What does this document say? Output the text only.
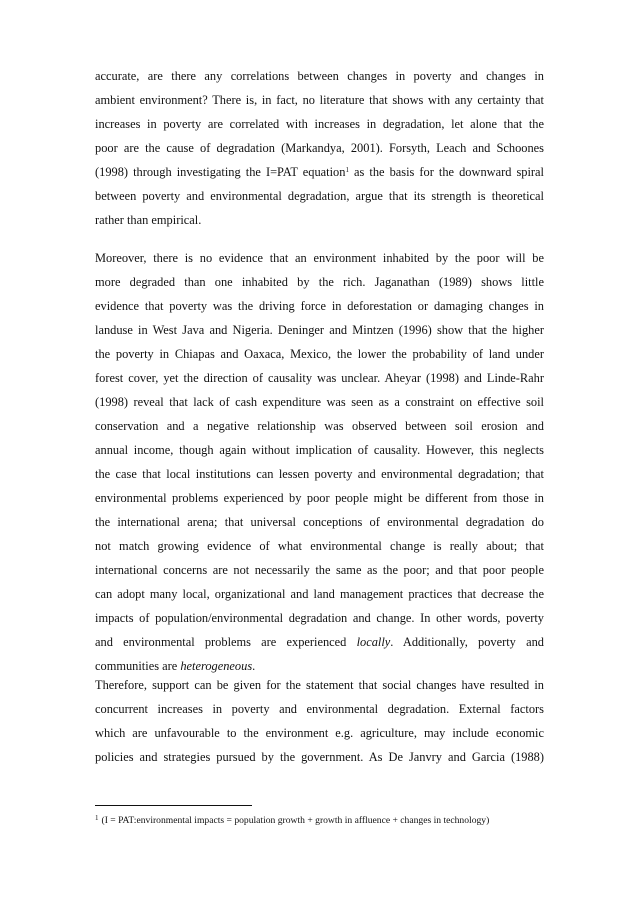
accurate, are there any correlations between changes in poverty and changes in
ambient environment? There is, in fact, no literature that shows with any certainty that
increases in poverty are correlated with increases in degradation, let alone that the
poor are the cause of degradation (Markandya, 2001). Forsyth, Leach and Schoones
(1998) through investigating the I=PAT equation$^1$ as the basis for the downward spiral
between poverty and environmental degradation, argue that its strength is theoretical
rather than empirical.
Moreover, there is no evidence that an environment inhabited by the poor will be
more degraded than one inhabited by the rich. Jaganathan (1989) shows little
evidence that poverty was the driving force in deforestation or damaging changes in
landuse in West Java and Nigeria. Deninger and Mintzen (1996) show that the higher
the poverty in Chiapas and Oaxaca, Mexico, the lower the probability of land under
forest cover, yet the direction of causality was unclear. Aheyar (1998) and Linde-Rahr
(1998) reveal that lack of cash expenditure was seen as a constraint on effective soil
conservation and a negative relationship was observed between soil erosion and
annual income, though again without implication of causality. However, this neglects
the case that local institutions can lessen poverty and environmental degradation; that
environmental problems experienced by poor people might be different from those in
the international arena; that universal conceptions of environmental degradation do
not match growing evidence of what environmental change is really about; that
international concerns are not necessarily the same as the poor; and that poor people
can adopt many local, organizational and land management practices that decrease the
impacts of population/environmental degradation and change. In other words, poverty
and environmental problems are experienced locally. Additionally, poverty and
communities are heterogeneous.
Therefore, support can be given for the statement that social changes have resulted in
concurrent increases in poverty and environmental degradation. External factors
which are unfavourable to the environment e.g. agriculture, may include economic
policies and strategies pursued by the government. As De Janvry and Garcia (1988)
$^1$ (I = PAT:environmental impacts = population growth + growth in affluence + changes in technology)
